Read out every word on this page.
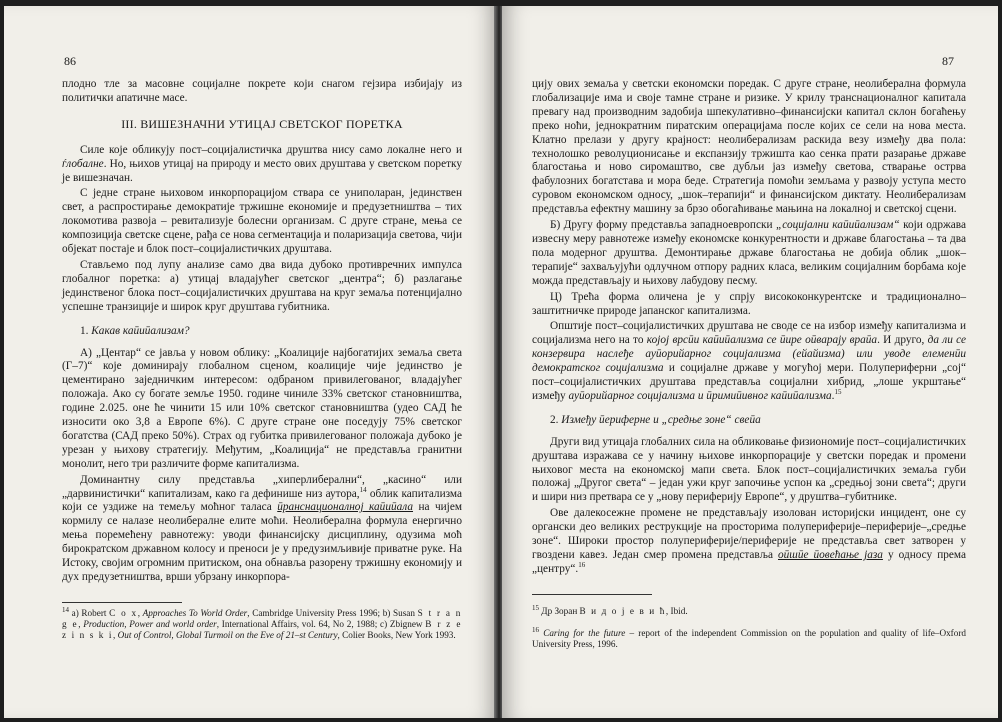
86

плодно тле за масовне социјалне покрете који снагом гејзира избијају из политички апатичне масе.

III. ВИШЕЗНАЧНИ УТИЦАЈ СВЕТСКОГ ПОРЕТКА

Силе које обликују пост–социјалистичка друштва нису само локалне него и ѓлобалне. Но, њихов утицај на природу и место ових друштава у светском поретку је вишезначан.

С једне стране њиховом инкорпорацијом ствара се униполаран, јединствен свет, а распростирање демократије тржишне економије и предузетништва – тих локомотива развоја – ревитализује болесни организам. С друге стране, мења се композиција светске сцене, рађа се нова сегментација и поларизација светова, чији објекат постаје и блок пост–социјалистичких друштава.

Стављемо под лупу анализе само два вида дубоко противречних импулса глобалног поретка: а) утицај владајућег светског „центра“; б) разлагање јединственог блока пост–социјалистичких друштава на круг земаља потенцијално успешне транзиције и широк круг друштава губитника.

1. Какав каӣиӣализам?

А) „Центар“ се јавља у новом облику: „Коалиције најбогатијих земаља света (Г–7)“ које доминирају глобалном сценом, коалиције чије јединство је цементирано заједничким интересом: одбраном привилегованог, владајућег положаја. Ако су богате земље 1950. године чиниле 33% светског становништва, године 2.025. оне ће чинити 15 или 10% светског становништва (удео САД ће износити око 3,8 а Европе 6%). С друге стране оне поседују 75% светског богатства (САД преко 50%). Страх од губитка привилегованог положаја дубоко је урезан у њихову стратегију. Међутим, „Коалиција“ не представља гранитни монолит, него три различите форме капитализма.

Доминантну силу представља „хиперлиберални“, „касино“ или „дарвинистички“ капитализам, како га дефинише низ аутора,$^{14}$ облик капитализма који се уздиже на темељу моћног таласа ӣранснационалној каӣиӣала на чијем кормилу се налазе неолибералне елите моћи. Неолиберална формула енергично мења поремећену равнотежу: уводи финансијску дисциплину, одузима моћ бирократском државном колосу и преноси је у предузимљивије приватне руке. На Истоку, својим огромним притиском, она обнавља разорену тржишну економију и дух предузетништва, врши убрзану инкорпора-

$^{14}$ a) Robert C o x, Approaches To World Order, Cambridge University Press 1996; b) Susan S t r a n g e, Production, Power and world order, International Affairs, vol. 64, No 2, 1988; c) Zbignew B r z e z i n s k i, Out of Control, Global Turmoil on the Eve of 21–st Century, Colier Books, New York 1993.
87

цију ових земаља у светски економски поредак. С друге стране, неолиберална формула глобализације има и своје тамне стране и ризике. У крилу транснационалног капитала превагу над производним задобија шпекулативно–финансијски капитал склон богаћењу преко ноћи, једнократним пиратским операцијама после којих се сели на нова места. Клатно прелази у другу крајност: неолиберализам раскида везу између два пола: технолошко револуционисање и експанзију тржишта као сенка прати разарање државе благостања и ново сиромаштво, све дубљи јаз између светова, стварање острва фабулозних богатстава и мора беде. Стратегија помоћи земљама у развоју уступа место суровом економском односу, „шок–терапији“ и финансијском диктату. Неолиберализам представља ефектну машину за брзо обогаћивање мањина на локалној и светској сцени.

Б) Другу форму представља западноевропски „социјални каӣиӣализам“ који одржава извесну меру равнотеже између економске конкурентности и државе благостања – та два пола модерног друштва. Демонтирање државе благостања не добија облик „шок–терапије“ захваљујући одлучном отпору радних класа, великим социјалним борбама које можда представљају и њихову лабудову песму.

Ц) Трећа форма оличена је у спрју висококонкурентске и традиционално–заштитничке природе јапанског капитализма.

Општије пост–социјалистичких друштава не своде се на избор између капитализма и социјализма него на то којој врсӣи каӣиӣализма се ӣире оӣварају враӣа. И друго, да ли се конзервира наслеђе ауӣорийарног социјализма (ейайизма) или уводе елеменӣи демократског социјализма и социјалне државе у могућој мери. Полупериферни „сој“ пост–социјалистичких друштава представља социјални хибрид, „лоше укрштање“ између ауӣорийарног социјализма и ӣримиӣивног каӣиӣализма.$^{15}$

2. Између ӣериферне и „средње зоне“ свеӣа

Други вид утицаја глобалних сила на обликовање физиономије пост–социјалистичких друштава изражава се у начину њихове инкорпорације у светски поредак и промени њиховог места на економској мапи света. Блок пост–социјалистичких земаља губи положај „Другог света“ – један ужи круг започиње успон ка „средњој зони света“; други и шири низ претвара се у „нову периферију Европе“, у друштва–губитнике.

Ове далекосежне промене не представљају изолован историјски инцидент, оне су органски део великих реструкције на просторима полупериферије–периферије–„средње зоне“. Широки простор полупериферије/периферије не представља свет затворен у гвоздени кавез. Један смер промена представља оӣшӣе ӣовећање јаза у односу према „центру“.$^{16}$

$^{15}$ Др Зоран В и д о ј е в и ћ, Ibid.
$^{16}$ Caring for the future – report of the independent Commission on the population and quality of life–Oxford University Press, 1996.
